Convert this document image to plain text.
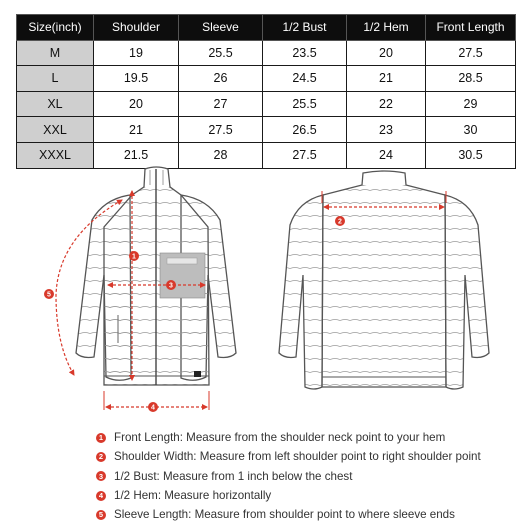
Size(inch)	Shoulder	Sleeve	1/2 Bust	1/2 Hem	Front Length
M	19	25.5	23.5	20	27.5
L	19.5	26	24.5	21	28.5
XL	20	27	25.5	22	29
XXL	21	27.5	26.5	23	30
XXXL	21.5	28	27.5	24	30.5
1
2
3
4
5
1 Front Length: Measure from the shoulder neck point to your hem
2 Shoulder Width: Measure from left shoulder point to right shoulder point
3 1/2 Bust: Measure from 1 inch below the chest
4 1/2 Hem: Measure horizontally
5 Sleeve Length: Measure from shoulder point to where sleeve ends
